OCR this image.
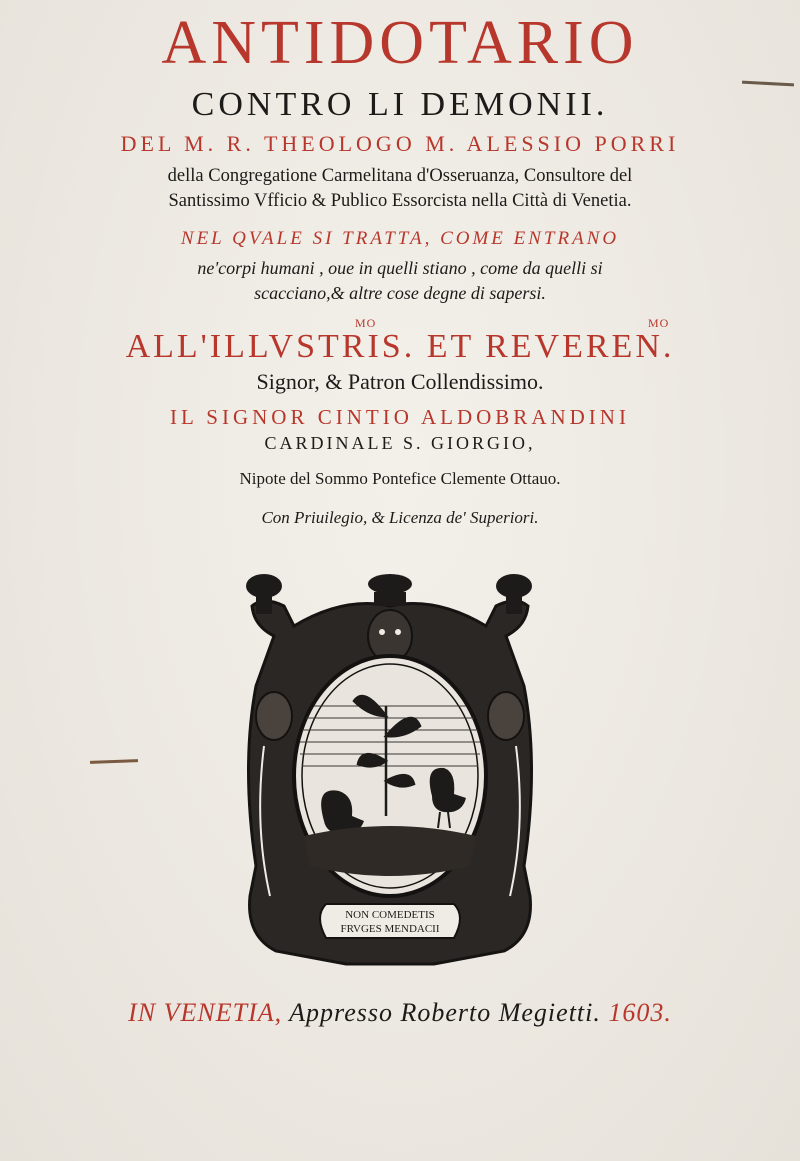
ANTIDOTARIO
CONTRO LI DEMONII.
DEL M. R. THEOLOGO M. ALESSIO PORRI
della Congregatione Carmelitana d'Osseruanza, Consultore del
Santissimo Vfficio & Publico Essorcista nella Città di Venetia.
NEL QVALE SI TRATTA, COME ENTRANO
ne'corpi humani , oue in quelli stiano , come da quelli si
scacciano,& altre cose degne di sapersi.
MO	MO
ALL'ILLVSTRIS. ET REVEREN.
Signor, & Patron Collendissimo.
IL SIGNOR CINTIO ALDOBRANDINI
CARDINALE S. GIORGIO,
Nipote del Sommo Pontefice Clemente Ottauo.
Con Priuilegio, & Licenza de' Superiori.
NON COMEDETIS
FRVGES MENDACII
IN VENETIA, Appresso Roberto Megietti. 1603.
